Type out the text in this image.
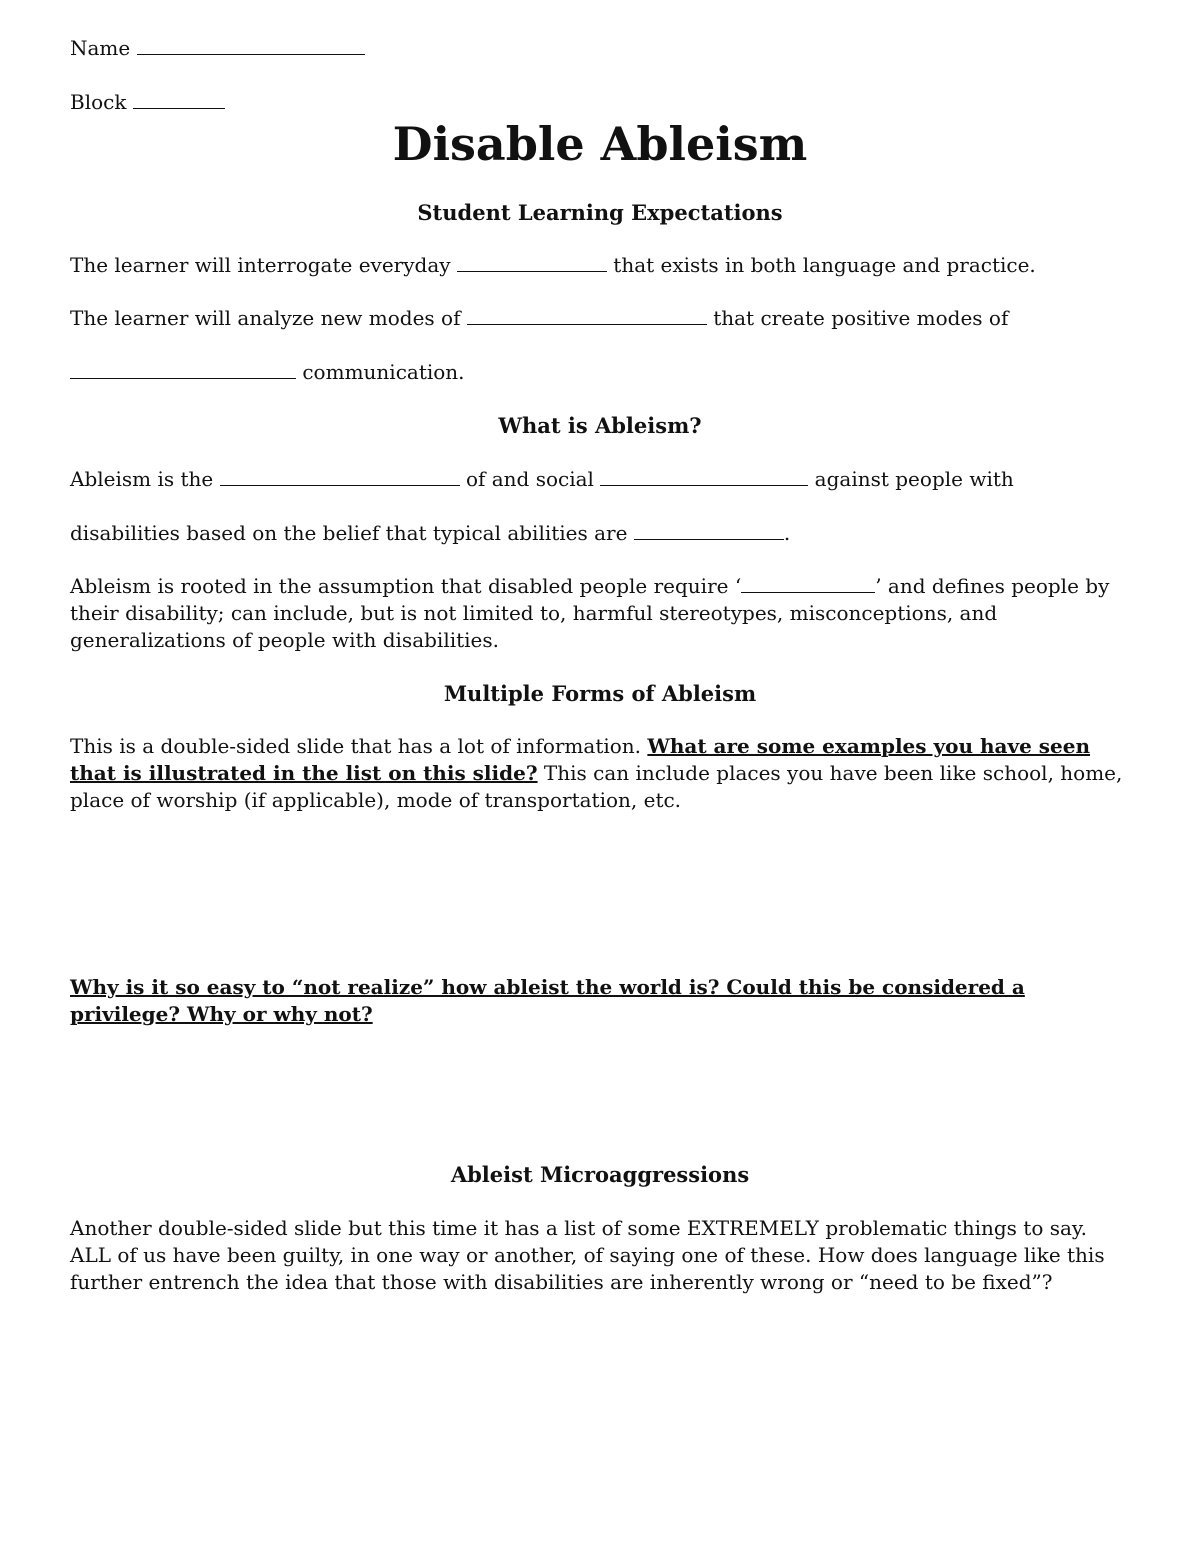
Name
Block
Disable Ableism
Student Learning Expectations
The learner will interrogate everyday	that exists in both language and practice.
The learner will analyze new modes of	that create positive modes of
communication.
What is Ableism?
Ableism is the	of and social	against people with
disabilities based on the belief that typical abilities are	.
Ableism is rooted in the assumption that disabled people require ‘	’ and defines people by their disability; can include, but is not limited to, harmful stereotypes, misconceptions, and generalizations of people with disabilities.
Multiple Forms of Ableism
This is a double-sided slide that has a lot of information. What are some examples you have seen that is illustrated in the list on this slide? This can include places you have been like school, home, place of worship (if applicable), mode of transportation, etc.
Why is it so easy to “not realize” how ableist the world is? Could this be considered a privilege? Why or why not?
Ableist Microaggressions
Another double-sided slide but this time it has a list of some EXTREMELY problematic things to say. ALL of us have been guilty, in one way or another, of saying one of these. How does language like this further entrench the idea that those with disabilities are inherently wrong or “need to be fixed”?
